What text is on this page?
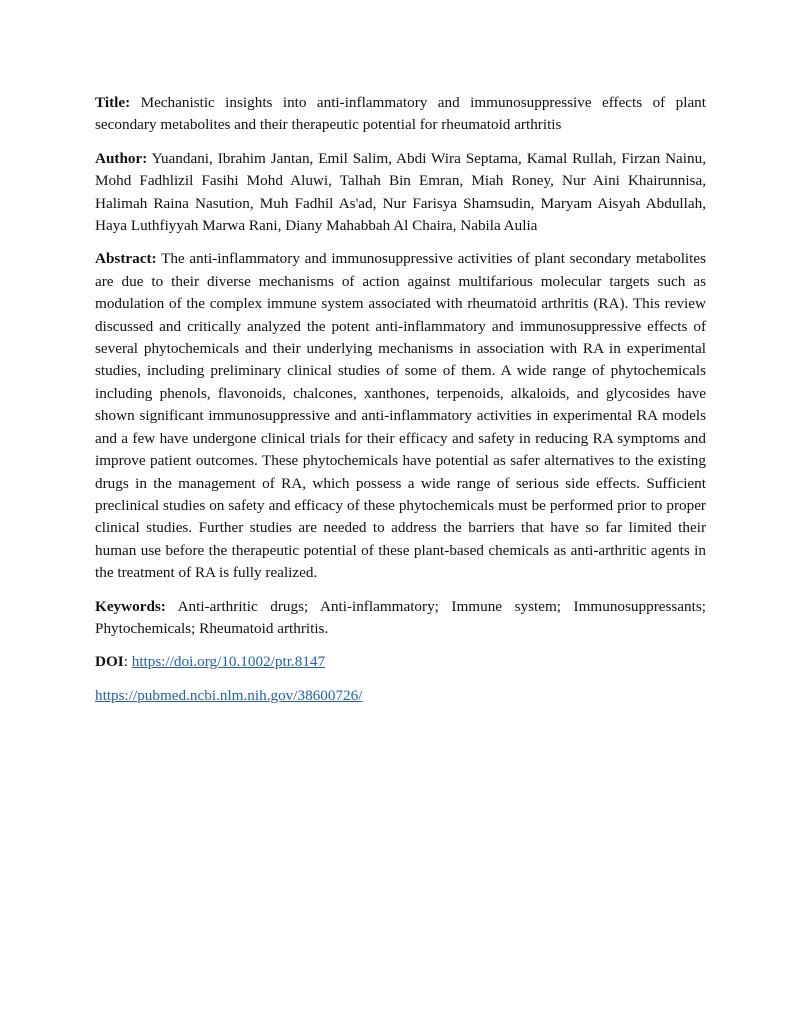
Title: Mechanistic insights into anti-inflammatory and immunosuppressive effects of plant secondary metabolites and their therapeutic potential for rheumatoid arthritis

Author: Yuandani, Ibrahim Jantan, Emil Salim, Abdi Wira Septama, Kamal Rullah, Firzan Nainu, Mohd Fadhlizil Fasihi Mohd Aluwi, Talhah Bin Emran, Miah Roney, Nur Aini Khairunnisa, Halimah Raina Nasution, Muh Fadhil As'ad, Nur Farisya Shamsudin, Maryam Aisyah Abdullah, Haya Luthfiyyah Marwa Rani, Diany Mahabbah Al Chaira, Nabila Aulia

Abstract: The anti-inflammatory and immunosuppressive activities of plant secondary metabolites are due to their diverse mechanisms of action against multifarious molecular targets such as modulation of the complex immune system associated with rheumatoid arthritis (RA). This review discussed and critically analyzed the potent anti-inflammatory and immunosuppressive effects of several phytochemicals and their underlying mechanisms in association with RA in experimental studies, including preliminary clinical studies of some of them. A wide range of phytochemicals including phenols, flavonoids, chalcones, xanthones, terpenoids, alkaloids, and glycosides have shown significant immunosuppressive and anti-inflammatory activities in experimental RA models and a few have undergone clinical trials for their efficacy and safety in reducing RA symptoms and improve patient outcomes. These phytochemicals have potential as safer alternatives to the existing drugs in the management of RA, which possess a wide range of serious side effects. Sufficient preclinical studies on safety and efficacy of these phytochemicals must be performed prior to proper clinical studies. Further studies are needed to address the barriers that have so far limited their human use before the therapeutic potential of these plant-based chemicals as anti-arthritic agents in the treatment of RA is fully realized.

Keywords: Anti-arthritic drugs; Anti-inflammatory; Immune system; Immunosuppressants; Phytochemicals; Rheumatoid arthritis.

DOI: https://doi.org/10.1002/ptr.8147

https://pubmed.ncbi.nlm.nih.gov/38600726/
